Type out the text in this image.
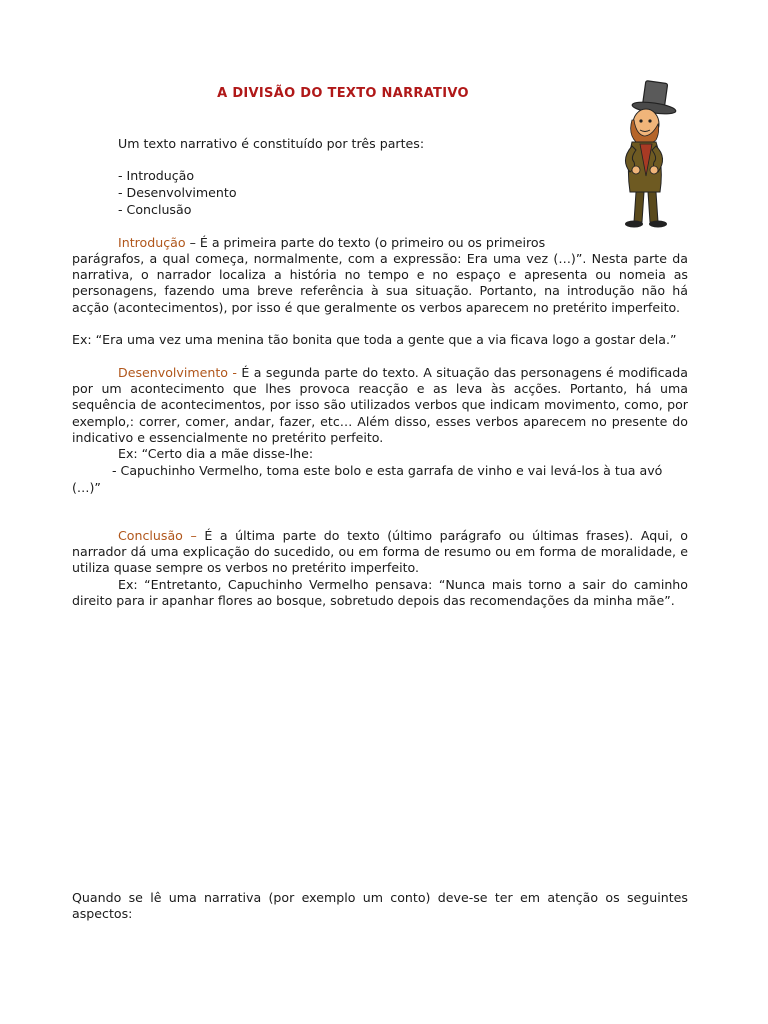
A DIVISÃO DO TEXTO NARRATIVO

Um texto narrativo é constituído por três partes:

- Introdução

- Desenvolvimento

- Conclusão

Introdução – É a primeira parte do texto (o primeiro ou os primeiros

parágrafos, a qual começa, normalmente, com a expressão: Era uma vez (…)”. Nesta parte da narrativa, o narrador localiza a história no tempo e no espaço e apresenta ou nomeia as personagens, fazendo uma breve referência à sua situação. Portanto, na introdução não há acção (acontecimentos), por isso é que geralmente os verbos aparecem no pretérito imperfeito.

Ex: “Era uma vez uma menina tão bonita que toda a gente que a via ficava logo a gostar dela.”

Desenvolvimento - É a segunda parte do texto. A situação das personagens é modificada por um acontecimento que lhes provoca reacção e as leva às acções. Portanto, há uma sequência de acontecimentos, por isso são utilizados verbos que indicam movimento, como, por exemplo,: correr, comer, andar, fazer, etc… Além disso, esses verbos aparecem no presente do indicativo e essencialmente no pretérito perfeito.

Ex: “Certo dia a mãe disse-lhe:

- Capuchinho Vermelho, toma este bolo e esta garrafa de vinho e vai levá-los à tua avó

(…)”

Conclusão – É a última parte do texto (último parágrafo ou últimas frases). Aqui, o narrador dá uma explicação do sucedido, ou em forma de resumo ou em forma de moralidade, e utiliza quase sempre os verbos no pretérito imperfeito.

Ex: “Entretanto, Capuchinho Vermelho pensava: “Nunca mais torno a sair do caminho direito para ir apanhar flores ao bosque, sobretudo depois das recomendações da minha mãe”.

Quando se lê uma narrativa (por exemplo um conto) deve-se ter em atenção os seguintes aspectos:
